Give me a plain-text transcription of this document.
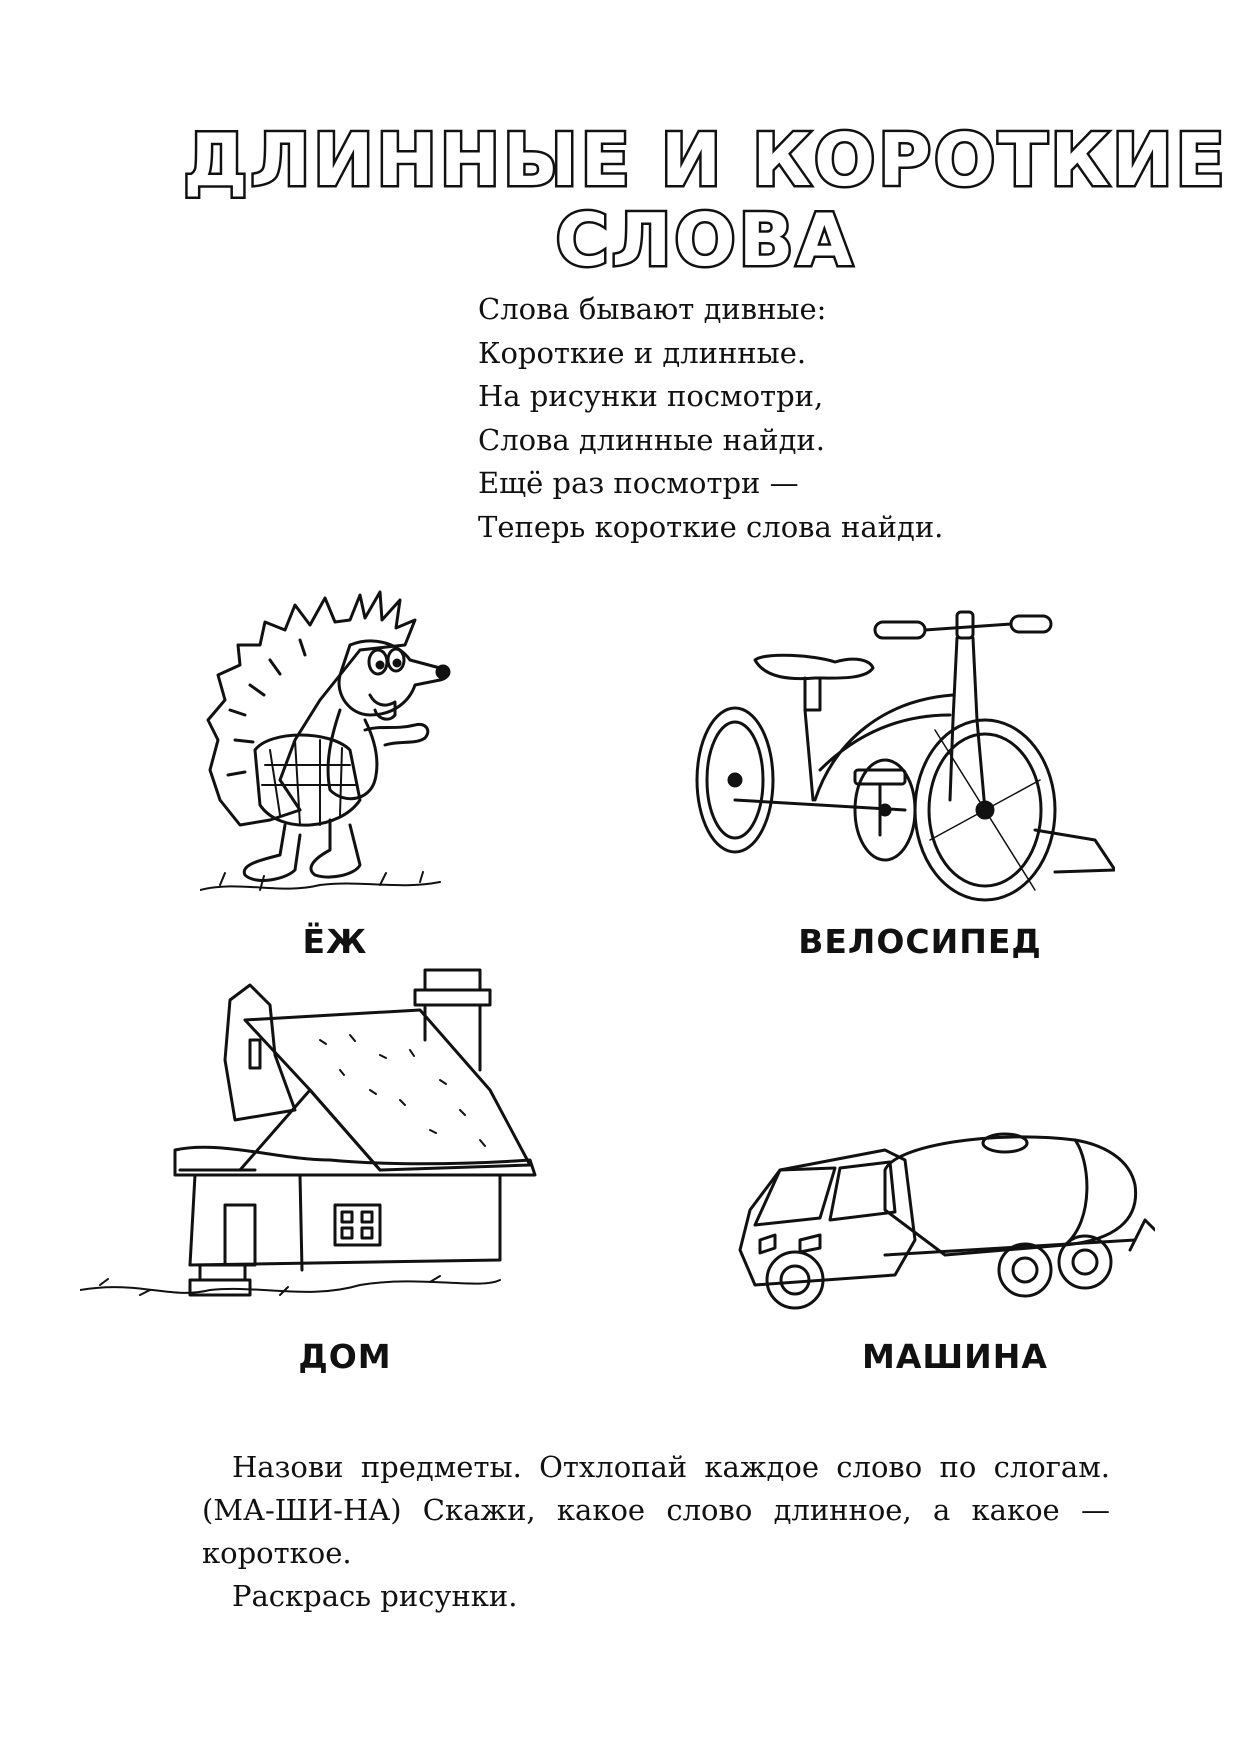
ДЛИННЫЕ И КОРОТКИЕ
СЛОВА
Слова бывают дивные:
Короткие и длинные.
На рисунки посмотри,
Слова длинные найди.
Ещё раз посмотри —
Теперь короткие слова найди.
ЁЖ	ВЕЛОСИПЕД
ДОМ	МАШИНА

Назови предметы. Отхлопай каждое слово по слогам. (МА-ШИ-НА) Скажи, какое слово длинное, а какое — короткое.

Раскрась рисунки.
